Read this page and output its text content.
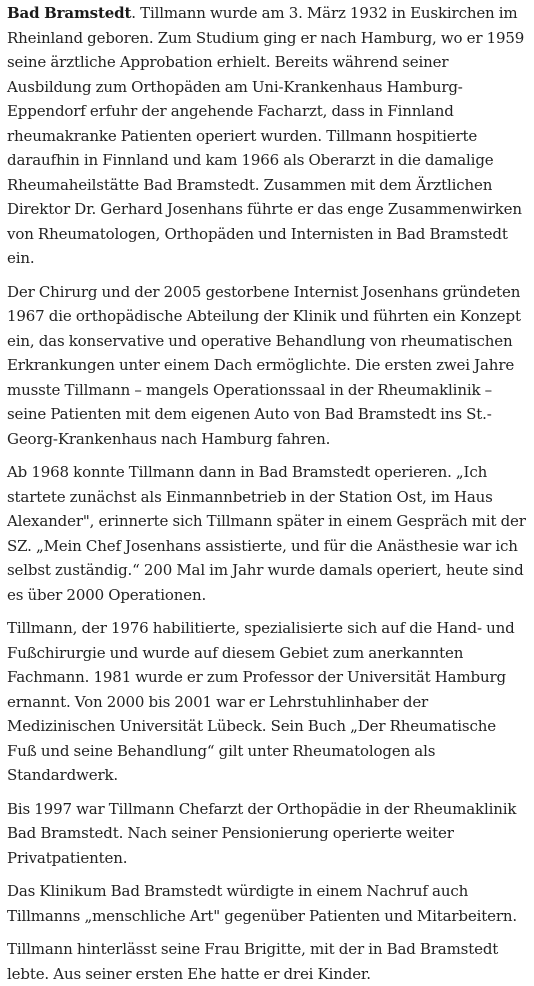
Bad Bramstedt. Tillmann wurde am 3. März 1932 in Euskirchen im Rheinland geboren. Zum Studium ging er nach Hamburg, wo er 1959 seine ärztliche Approbation erhielt. Bereits während seiner Ausbildung zum Orthopäden am Uni-Krankenhaus Hamburg-Eppendorf erfuhr der angehende Facharzt, dass in Finnland rheumakranke Patienten operiert wurden. Tillmann hospitierte daraufhin in Finnland und kam 1966 als Oberarzt in die damalige Rheumaheilstätte Bad Bramstedt. Zusammen mit dem Ärztlichen Direktor Dr. Gerhard Josenhans führte er das enge Zusammenwirken von Rheumatologen, Orthopäden und Internisten in Bad Bramstedt ein.

Der Chirurg und der 2005 gestorbene Internist Josenhans gründeten 1967 die orthopädische Abteilung der Klinik und führten ein Konzept ein, das konservative und operative Behandlung von rheumatischen Erkrankungen unter einem Dach ermöglichte. Die ersten zwei Jahre musste Tillmann – mangels Operationssaal in der Rheumaklinik – seine Patienten mit dem eigenen Auto von Bad Bramstedt ins St.-Georg-Krankenhaus nach Hamburg fahren.

Ab 1968 konnte Tillmann dann in Bad Bramstedt operieren. „Ich startete zunächst als Einmannbetrieb in der Station Ost, im Haus Alexander", erinnerte sich Tillmann später in einem Gespräch mit der SZ. „Mein Chef Josenhans assistierte, und für die Anästhesie war ich selbst zuständig.“ 200 Mal im Jahr wurde damals operiert, heute sind es über 2000 Operationen.

Tillmann, der 1976 habilitierte, spezialisierte sich auf die Hand- und Fußchirurgie und wurde auf diesem Gebiet zum anerkannten Fachmann. 1981 wurde er zum Professor der Universität Hamburg ernannt. Von 2000 bis 2001 war er Lehrstuhlinhaber der Medizinischen Universität Lübeck. Sein Buch „Der Rheumatische Fuß und seine Behandlung“ gilt unter Rheumatologen als Standardwerk.

Bis 1997 war Tillmann Chefarzt der Orthopädie in der Rheumaklinik Bad Bramstedt. Nach seiner Pensionierung operierte weiter Privatpatienten.

Das Klinikum Bad Bramstedt würdigte in einem Nachruf auch Tillmanns „menschliche Art" gegenüber Patienten und Mitarbeitern.

Tillmann hinterlässt seine Frau Brigitte, mit der in Bad Bramstedt lebte. Aus seiner ersten Ehe hatte er drei Kinder.
